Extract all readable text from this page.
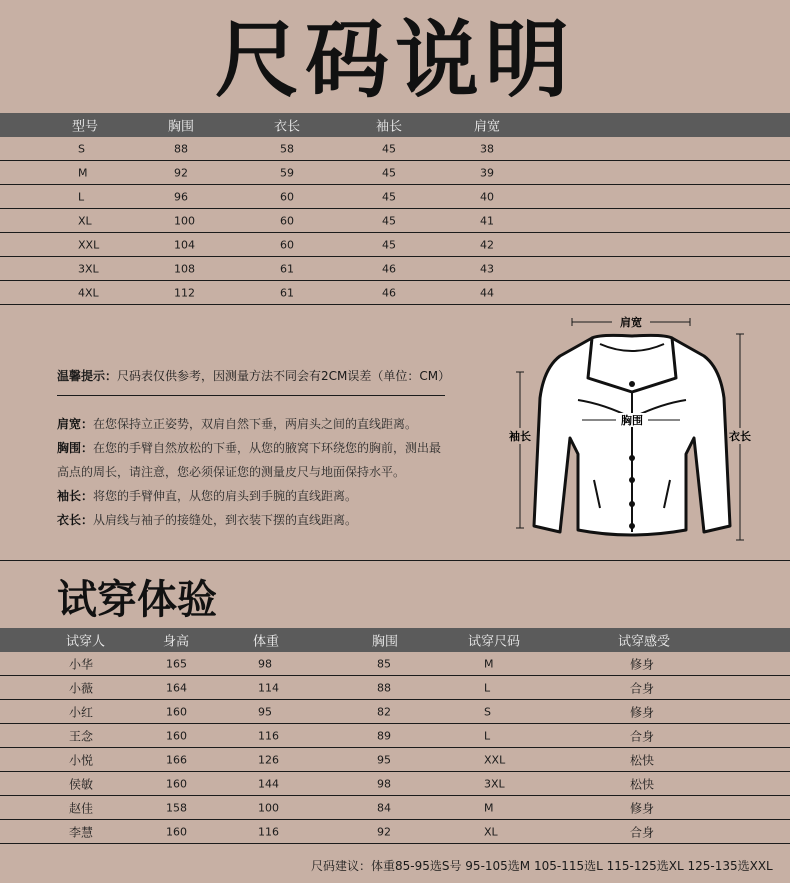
尺码说明
型号	胸围	衣长	袖长	肩宽
S	88	58	45	38
M	92	59	45	39
L	96	60	45	40
XL	100	60	45	41
XXL	104	60	45	42
3XL	108	61	46	43
4XL	112	61	46	44
温馨提示：尺码表仅供参考，因测量方法不同会有2CM误差（单位：CM）
肩宽：在您保持立正姿势，双肩自然下垂，两肩头之间的直线距离。
胸围：在您的手臂自然放松的下垂，从您的腋窝下环绕您的胸前，测出最
高点的周长，请注意，您必须保证您的测量皮尺与地面保持水平。
袖长：将您的手臂伸直，从您的肩头到手腕的直线距离。
衣长：从肩线与袖子的接缝处，到衣装下摆的直线距离。
肩宽
袖长	衣长
胸围
试穿体验
试穿人	身高	体重	胸围	试穿尺码	试穿感受
小华	165	98	85	M	修身
小薇	164	114	88	L	合身
小红	160	95	82	S	修身
王念	160	116	89	L	合身
小悦	166	126	95	XXL	松快
侯敏	160	144	98	3XL	松快
赵佳	158	100	84	M	修身
李慧	160	116	92	XL	合身
尺码建议：体重85-95选S号 95-105选M 105-115选L 115-125选XL 125-135选XXL
